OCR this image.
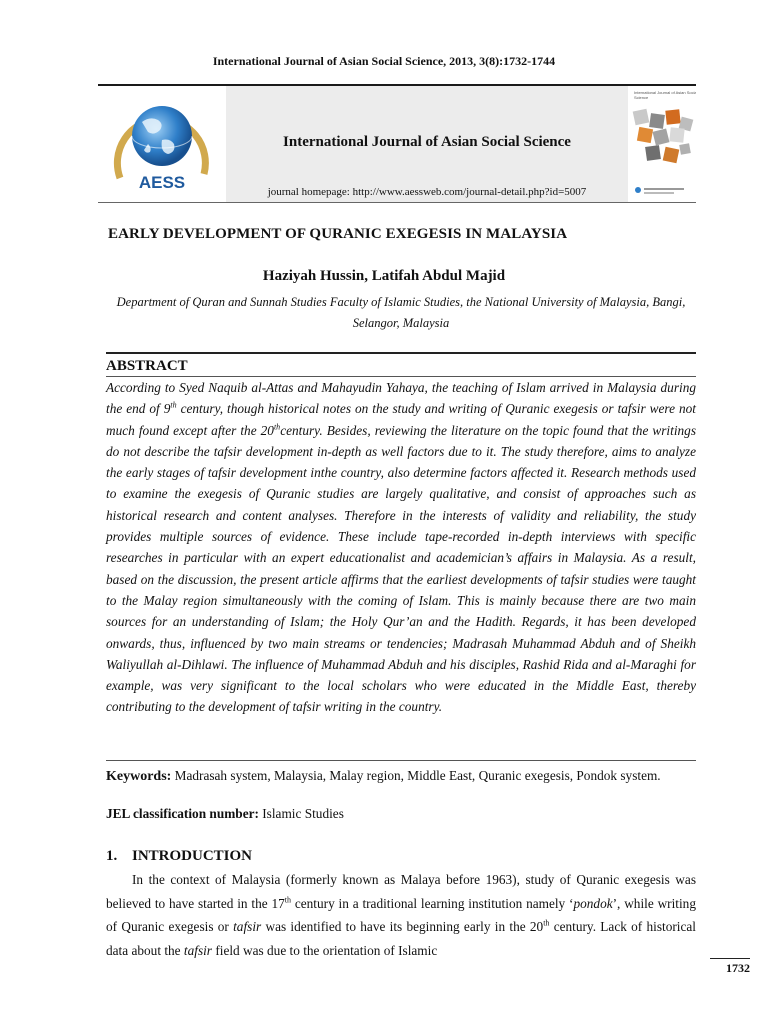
International Journal of Asian Social Science, 2013, 3(8):1732-1744
AESS
International Journal of Asian Social Science
journal homepage: http://www.aessweb.com/journal-detail.php?id=5007
International Journal of Asian Social
Science
EARLY DEVELOPMENT OF QURANIC EXEGESIS IN MALAYSIA
Haziyah Hussin, Latifah Abdul Majid
Department of Quran and Sunnah Studies Faculty of Islamic Studies, the National University of Malaysia, Bangi, Selangor, Malaysia
ABSTRACT
According to Syed Naquib al-Attas and Mahayudin Yahaya, the teaching of Islam arrived in Malaysia during the end of 9th century, though historical notes on the study and writing of Quranic exegesis or tafsir were not much found except after the 20thcentury. Besides, reviewing the literature on the topic found that the writings do not describe the tafsir development in-depth as well factors due to it. The study therefore, aims to analyze the early stages of tafsir development inthe country, also determine factors affected it. Research methods used to examine the exegesis of Quranic studies are largely qualitative, and consist of approaches such as historical research and content analyses. Therefore in the interests of validity and reliability, the study provides multiple sources of evidence. These include tape-recorded in-depth interviews with specific researches in particular with an expert educationalist and academician’s affairs in Malaysia. As a result, based on the discussion, the present article affirms that the earliest developments of tafsir studies were taught to the Malay region simultaneously with the coming of Islam. This is mainly because there are two main sources for an understanding of Islam; the Holy Qur’an and the Hadith. Regards, it has been developed onwards, thus, influenced by two main streams or tendencies; Madrasah Muhammad Abduh and of Sheikh Waliyullah al-Dihlawi. The influence of Muhammad Abduh and his disciples, Rashid Rida and al-Maraghi for example, was very significant to the local scholars who were educated in the Middle East, thereby contributing to the development of tafsir writing in the country.
Keywords: Madrasah system, Malaysia, Malay region, Middle East, Quranic exegesis, Pondok system.
JEL classification number: Islamic Studies
1. INTRODUCTION
In the context of Malaysia (formerly known as Malaya before 1963), study of Quranic exegesis was believed to have started in the 17th century in a traditional learning institution namely ‘pondok’, while writing of Quranic exegesis or tafsir was identified to have its beginning early in the 20th century. Lack of historical data about the tafsir field was due to the orientation of Islamic
1732
